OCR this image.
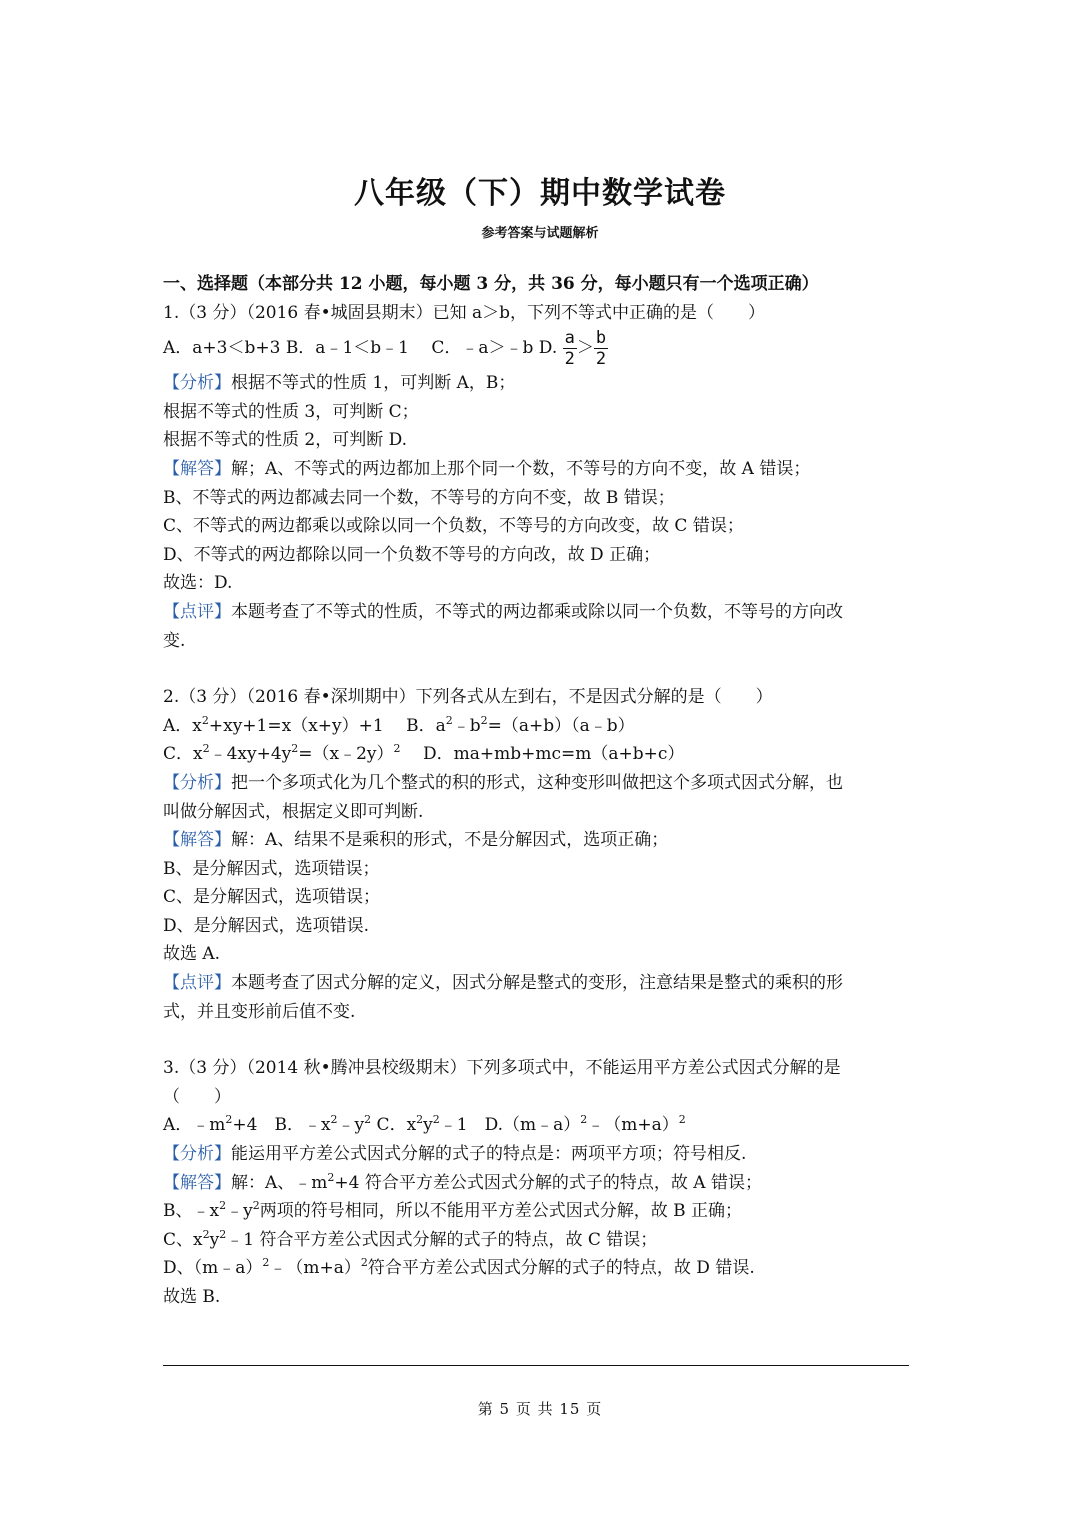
八年级（下）期中数学试卷
参考答案与试题解析
一、选择题（本部分共 12 小题，每小题 3 分，共 36 分，每小题只有一个选项正确）
1.（3 分）（2016 春•城固县期末）已知 a＞b，下列不等式中正确的是（　　）
A．a+3＜b+3 B．a﹣1＜b﹣1　 C．﹣a＞﹣b D. $\frac{a}{2} > \frac{b}{2}$
【分析】根据不等式的性质 1，可判断 A，B；
根据不等式的性质 3，可判断 C；
根据不等式的性质 2，可判断 D.
【解答】解；A、不等式的两边都加上那个同一个数，不等号的方向不变，故 A 错误；
B、不等式的两边都减去同一个数，不等号的方向不变，故 B 错误；
C、不等式的两边都乘以或除以同一个负数，不等号的方向改变，故 C 错误；
D、不等式的两边都除以同一个负数不等号的方向改，故 D 正确；
故选：D.
【点评】本题考查了不等式的性质，不等式的两边都乘或除以同一个负数，不等号的方向改
变.
2.（3 分）（2016 春•深圳期中）下列各式从左到右，不是因式分解的是（　　）
A．$x^2+xy+1=x(x+y)+1$　 B．$a^2﹣b^2=(a+b)(a﹣b)$
C．$x^2﹣4xy+4y^2=(x﹣2y)^2$　 D．ma+mb+mc=m（a+b+c）
【分析】把一个多项式化为几个整式的积的形式，这种变形叫做把这个多项式因式分解，也
叫做分解因式，根据定义即可判断.
【解答】解：A、结果不是乘积的形式，不是分解因式，选项正确；
B、是分解因式，选项错误；
C、是分解因式，选项错误；
D、是分解因式，选项错误.
故选 A.
【点评】本题考查了因式分解的定义，因式分解是整式的变形，注意结果是整式的乘积的形
式，并且变形前后值不变.
3.（3 分）（2014 秋•腾冲县校级期末）下列多项式中，不能运用平方差公式因式分解的是
（　　）
A．$﹣m^2+4$　B．$﹣x^2﹣y^2$ C．$x^2y^2﹣1$　$D.(m﹣a)^2﹣(m+a)^2$
【分析】能运用平方差公式因式分解的式子的特点是：两项平方项；符号相反.
【解答】解：A、$﹣m^2+4$ 符合平方差公式因式分解的式子的特点，故 A 错误；
B、$﹣x^2﹣y^2$两项的符号相同，所以不能用平方差公式因式分解，故 B 正确；
C、$x^2y^2﹣1$ 符合平方差公式因式分解的式子的特点，故 C 错误；
D、$(m﹣a)^2﹣(m+a)^2$符合平方差公式因式分解的式子的特点，故 D 错误.
故选 B.
第 5 页 共 15 页
